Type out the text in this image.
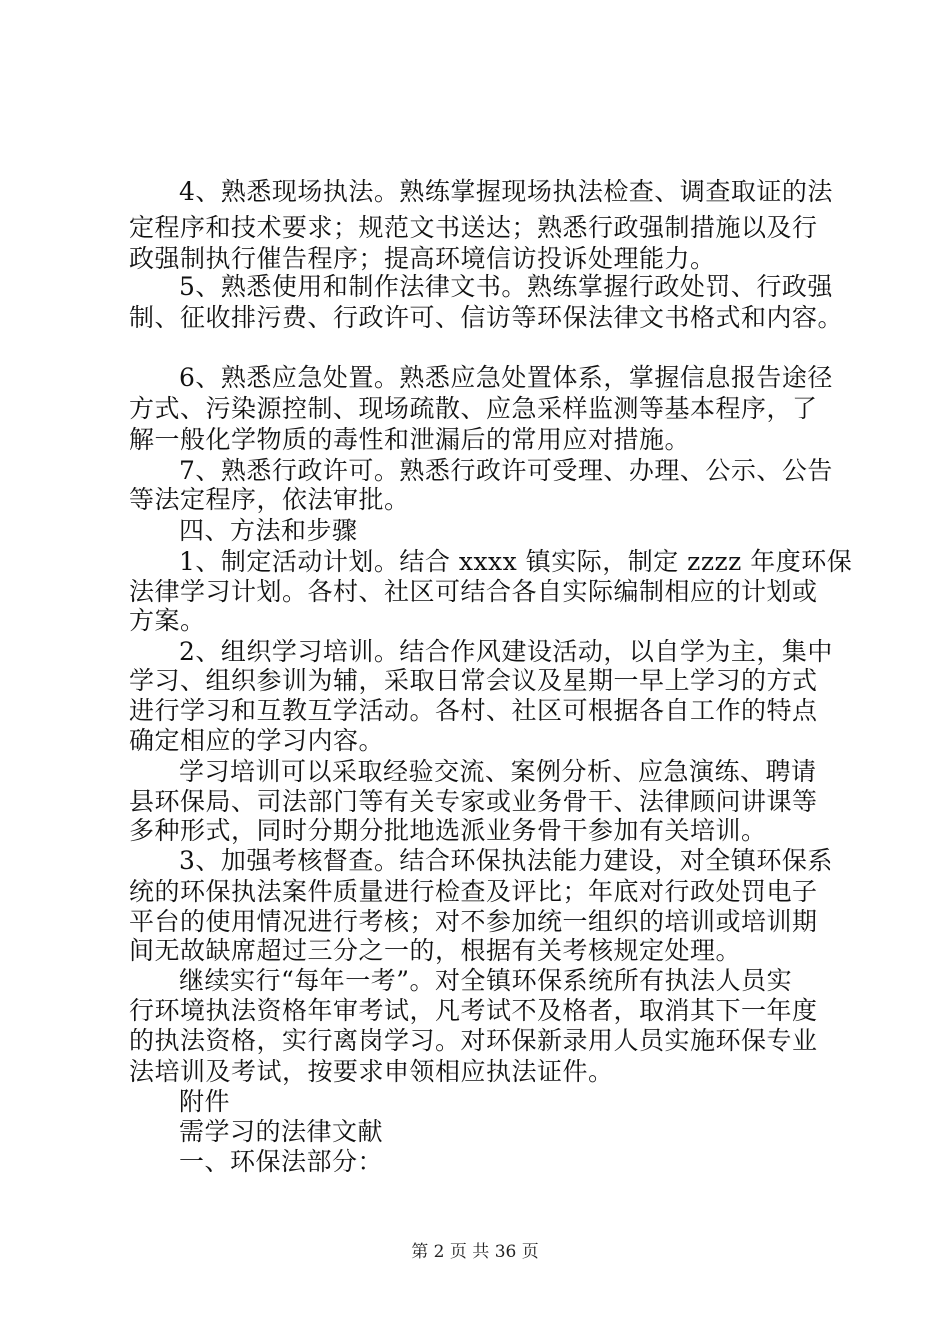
4、熟悉现场执法。熟练掌握现场执法检查、调查取证的法
定程序和技术要求；规范文书送达；熟悉行政强制措施以及行
政强制执行催告程序；提高环境信访投诉处理能力。
5、熟悉使用和制作法律文书。熟练掌握行政处罚、行政强
制、征收排污费、行政许可、信访等环保法律文书格式和内容。
6、熟悉应急处置。熟悉应急处置体系，掌握信息报告途径
方式、污染源控制、现场疏散、应急采样监测等基本程序，了
解一般化学物质的毒性和泄漏后的常用应对措施。
7、熟悉行政许可。熟悉行政许可受理、办理、公示、公告
等法定程序，依法审批。
四、方法和步骤
1、制定活动计划。结合 xxxx 镇实际，制定 zzzz 年度环保
法律学习计划。各村、社区可结合各自实际编制相应的计划或
方案。
2、组织学习培训。结合作风建设活动，以自学为主，集中
学习、组织参训为辅，采取日常会议及星期一早上学习的方式
进行学习和互教互学活动。各村、社区可根据各自工作的特点
确定相应的学习内容。
学习培训可以采取经验交流、案例分析、应急演练、聘请
县环保局、司法部门等有关专家或业务骨干、法律顾问讲课等
多种形式，同时分期分批地选派业务骨干参加有关培训。
3、加强考核督查。结合环保执法能力建设，对全镇环保系
统的环保执法案件质量进行检查及评比；年底对行政处罚电子
平台的使用情况进行考核；对不参加统一组织的培训或培训期
间无故缺席超过三分之一的，根据有关考核规定处理。
继续实行“每年一考”。对全镇环保系统所有执法人员实
行环境执法资格年审考试，凡考试不及格者，取消其下一年度
的执法资格，实行离岗学习。对环保新录用人员实施环保专业
法培训及考试，按要求申领相应执法证件。
附件
需学习的法律文献
一、环保法部分：
第 2 页 共 36 页
